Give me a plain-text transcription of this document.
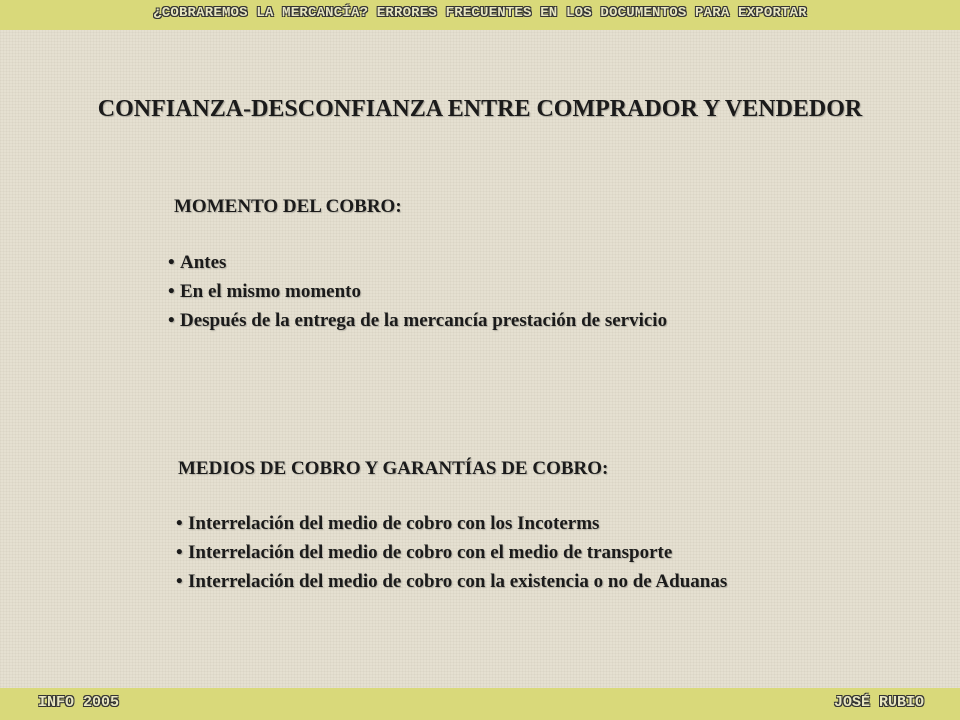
¿COBRAREMOS LA MERCANCÍA? ERRORES FRECUENTES EN LOS DOCUMENTOS PARA EXPORTAR
CONFIANZA-DESCONFIANZA ENTRE COMPRADOR Y VENDEDOR
MOMENTO DEL COBRO:
• Antes
• En el mismo momento
• Después de la entrega de la mercancía prestación de servicio
MEDIOS DE COBRO Y GARANTÍAS DE COBRO:
• Interrelación del medio de cobro con los Incoterms
• Interrelación del medio de cobro con el medio de transporte
• Interrelación del medio de cobro con la existencia o no de Aduanas
INFO 2005	JOSÉ RUBIO
